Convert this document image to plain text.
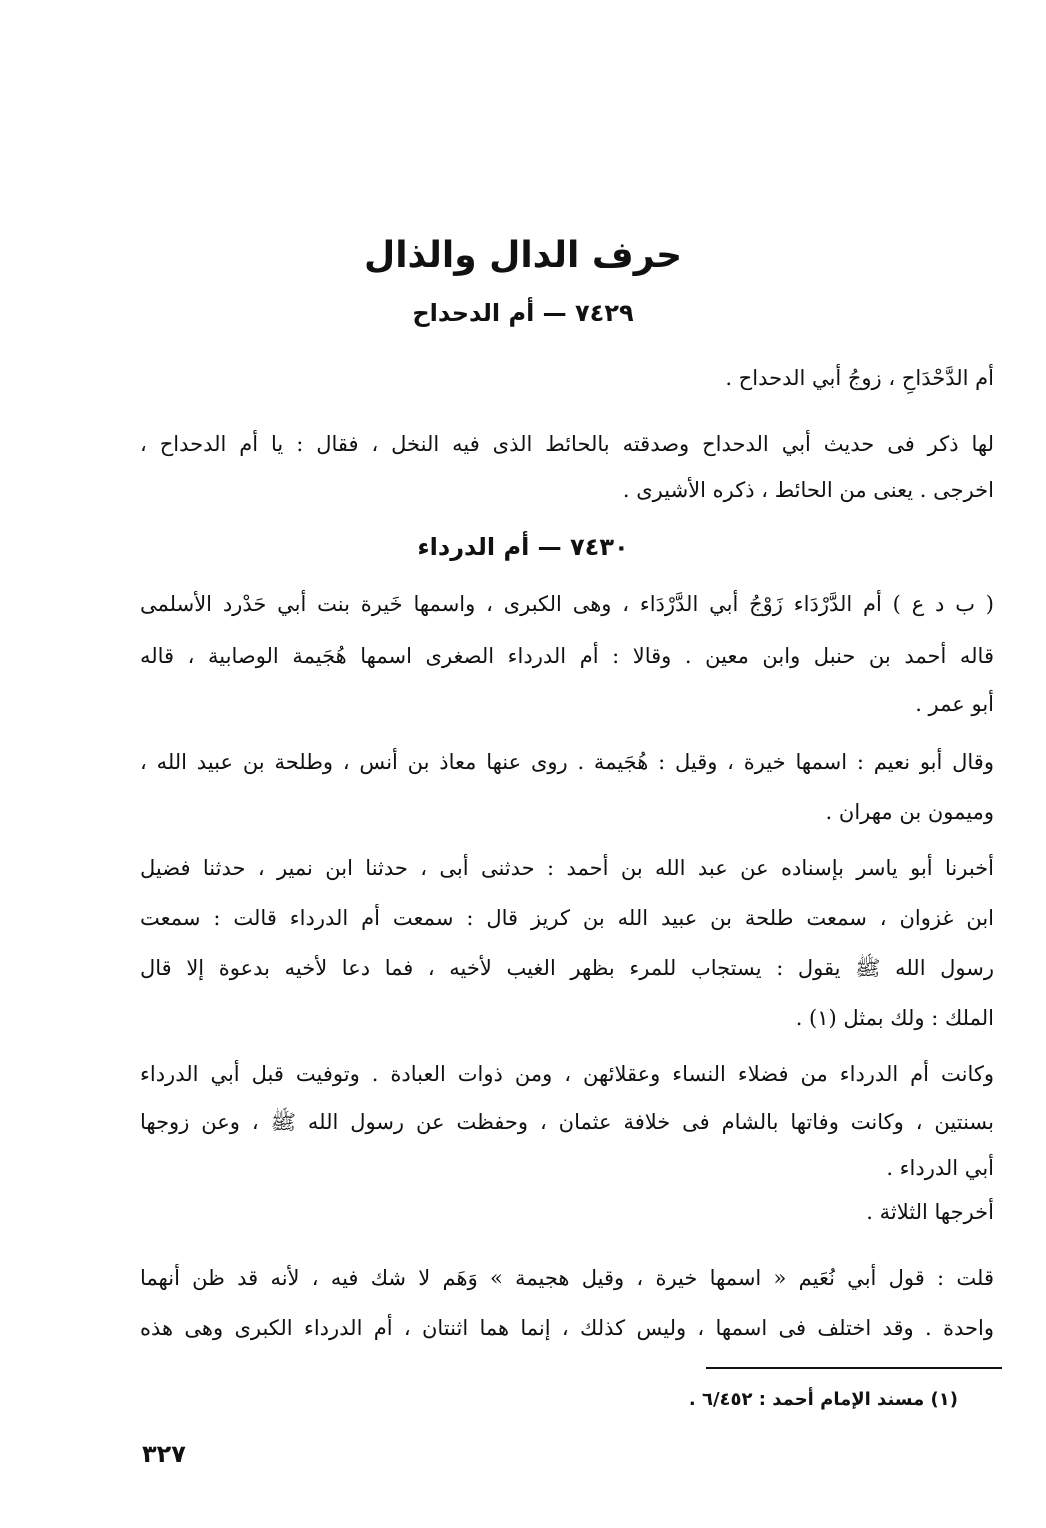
حرف الدال والذال
٧٤٢٩ — أم الدحداح
أم الدَّحْدَاحِ ، زوجُ أبي الدحداح .
لها ذكر فى حديث أبي الدحداح وصدقته بالحائط الذى فيه النخل ، فقال : يا أم الدحداح ،
اخرجى . يعنى من الحائط ، ذكره الأشيرى .
٧٤٣٠ — أم الدرداء
( ب د ع ) أم الدَّرْدَاء زَوْجُ أبي الدَّرْدَاء ، وهى الكبرى ، واسمها خَيرة بنت أبي حَدْرد الأسلمى
قاله أحمد بن حنبل وابن معين . وقالا : أم الدرداء الصغرى اسمها هُجَيمة الوصابية ، قاله
أبو عمر .
وقال أبو نعيم : اسمها خيرة ، وقيل : هُجَيمة . روى عنها معاذ بن أنس ، وطلحة بن عبيد الله ،
وميمون بن مهران .
أخبرنا أبو ياسر بإسناده عن عبد الله بن أحمد : حدثنى أبى ، حدثنا ابن نمير ، حدثنا فضيل
ابن غزوان ، سمعت طلحة بن عبيد الله بن كريز قال : سمعت أم الدرداء قالت : سمعت
رسول الله ﷺ يقول : يستجاب للمرء بظهر الغيب لأخيه ، فما دعا لأخيه بدعوة إلا قال
الملك : ولك بمثل (١) .
وكانت أم الدرداء من فضلاء النساء وعقلائهن ، ومن ذوات العبادة . وتوفيت قبل أبي الدرداء
بسنتين ، وكانت وفاتها بالشام فى خلافة عثمان ، وحفظت عن رسول الله ﷺ ، وعن زوجها
أبي الدرداء .
أخرجها الثلاثة .
قلت : قول أبي نُعَيم « اسمها خيرة ، وقيل هجيمة » وَهَم لا شك فيه ، لأنه قد ظن أنهما
واحدة . وقد اختلف فى اسمها ، وليس كذلك ، إنما هما اثنتان ، أم الدرداء الكبرى وهى هذه
(١) مسند الإمام أحمد : ٦/٤٥٢ .
٣٢٧
